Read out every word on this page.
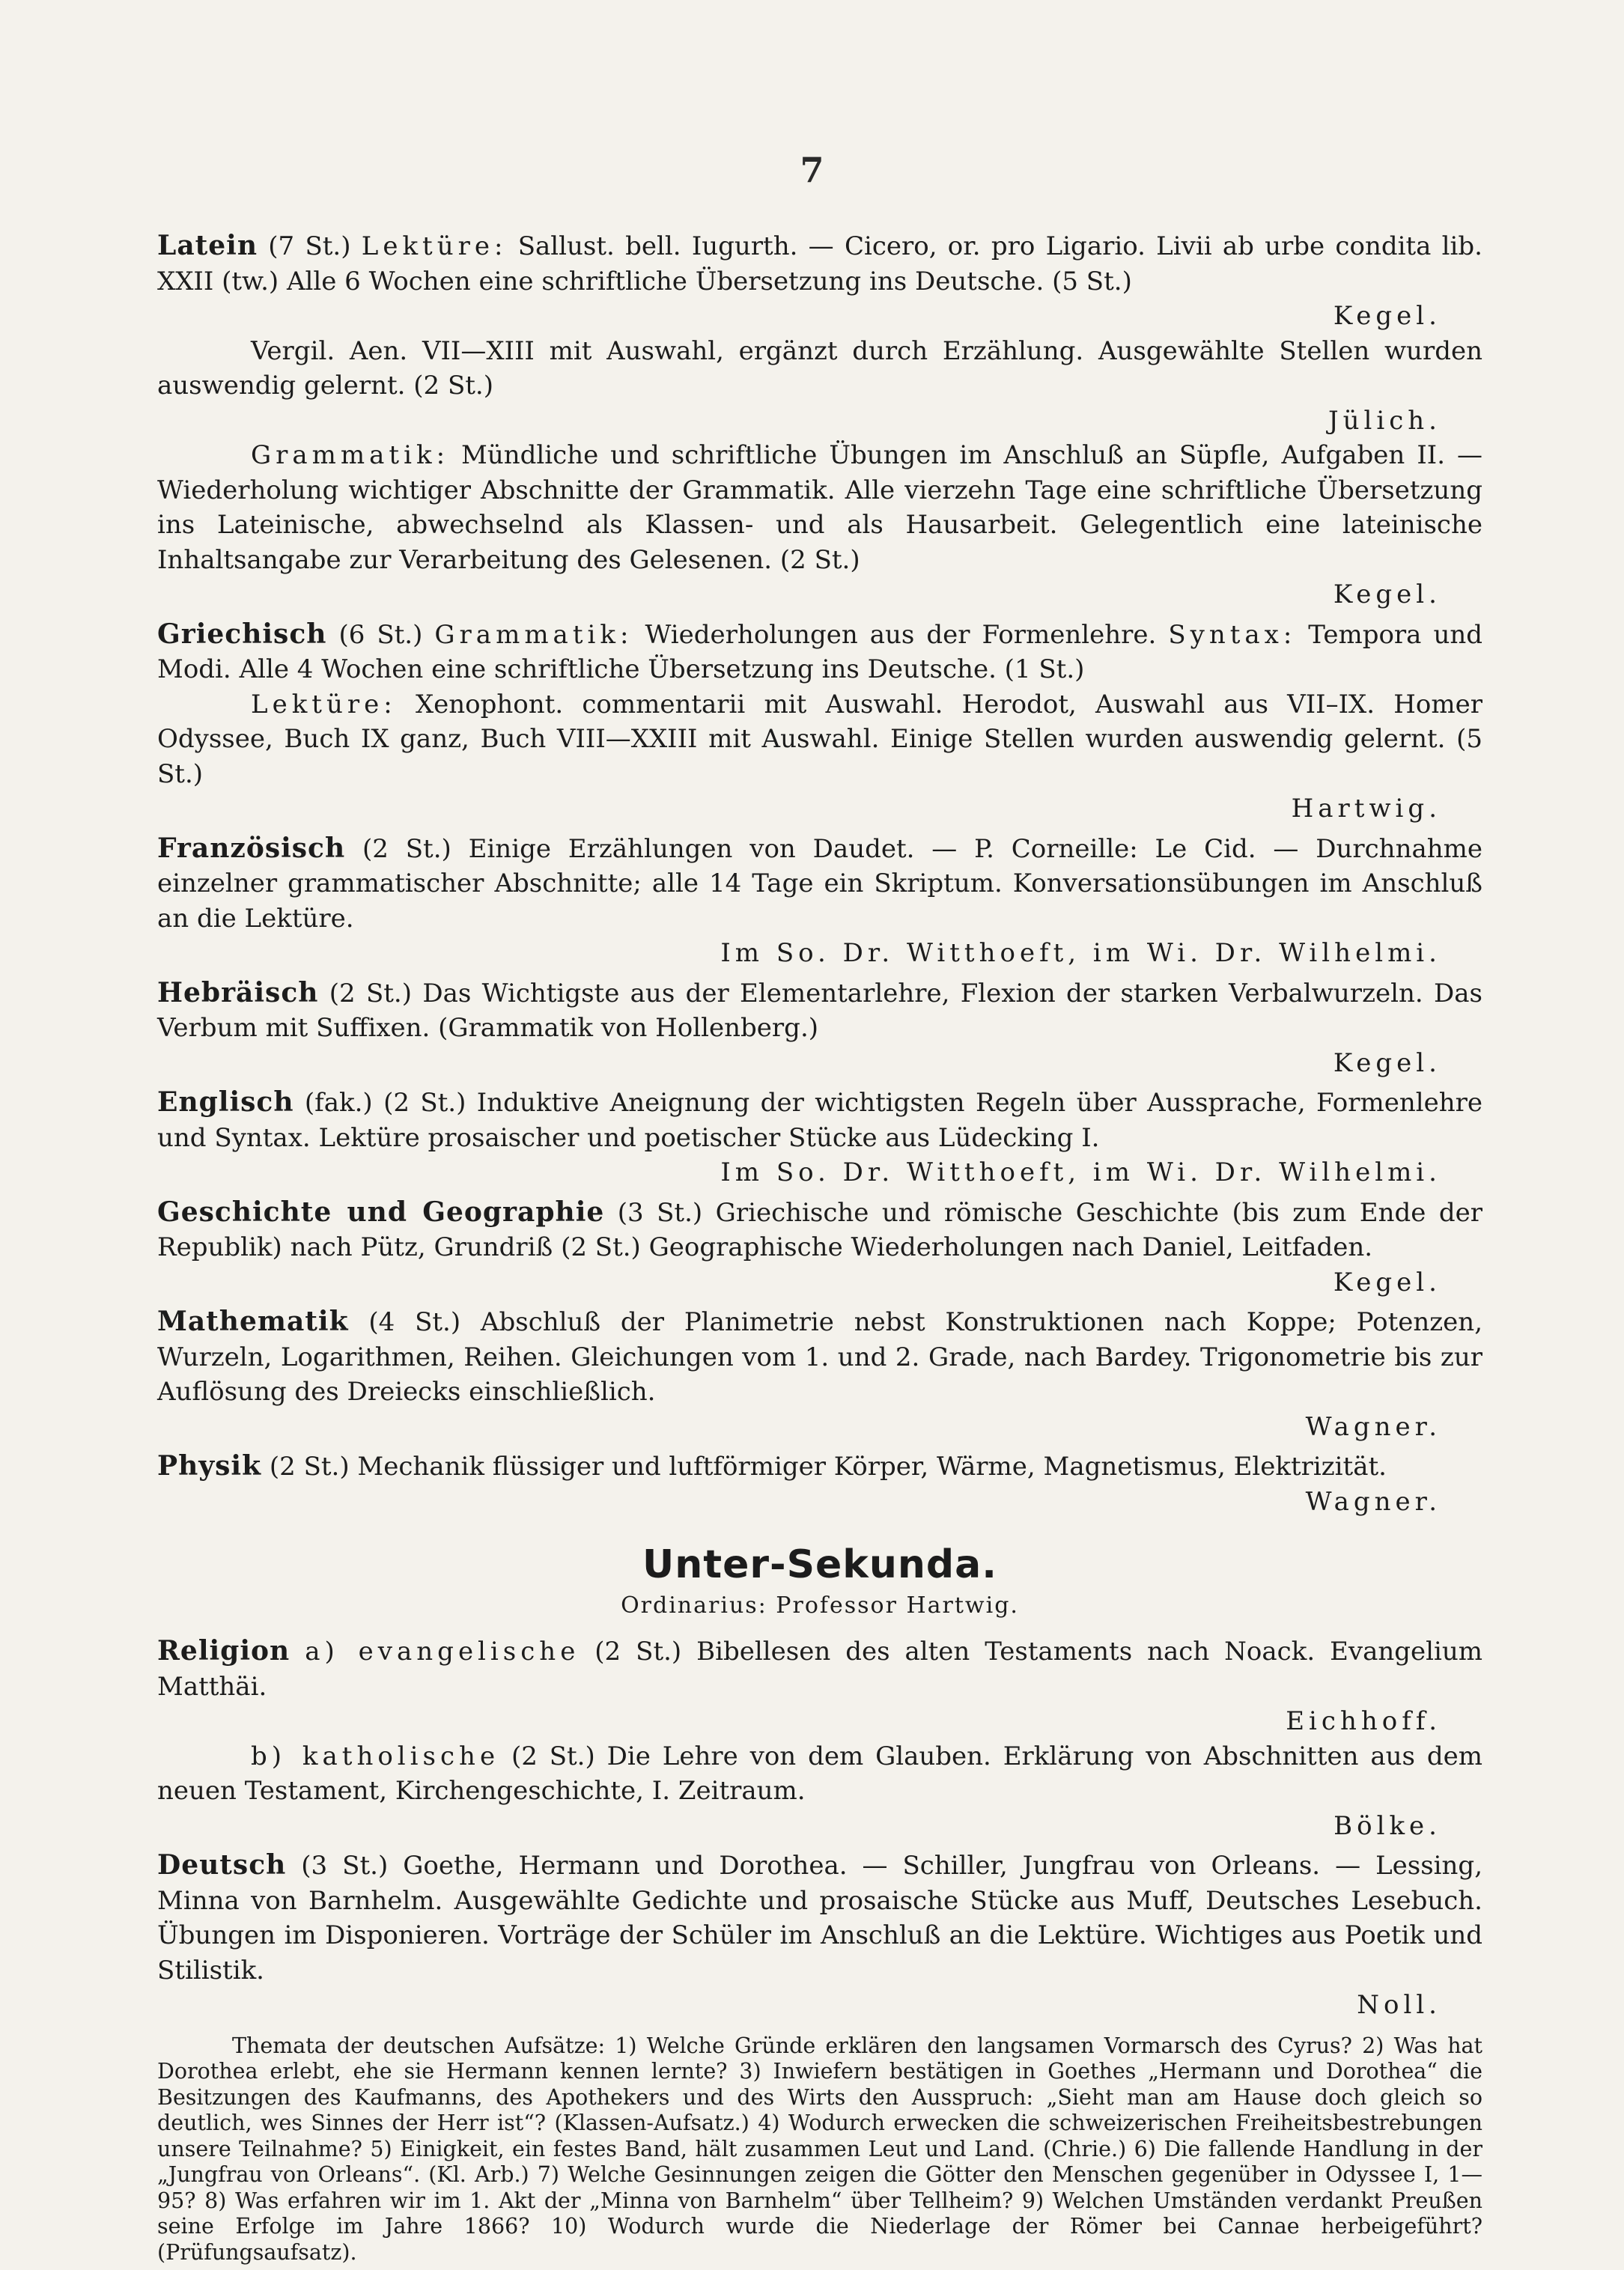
7

Latein (7 St.) Lektüre: Sallust. bell. Iugurth. — Cicero, or. pro Ligario. Livii ab urbe condita lib. XXII (tw.) Alle 6 Wochen eine schriftliche Übersetzung ins Deutsche. (5 St.)

Kegel.

Vergil. Aen. VII—XIII mit Auswahl, ergänzt durch Erzählung. Ausgewählte Stellen wurden auswendig gelernt. (2 St.)

Jülich.

Grammatik: Mündliche und schriftliche Übungen im Anschluß an Süpfle, Aufgaben II. — Wiederholung wichtiger Abschnitte der Grammatik. Alle vierzehn Tage eine schriftliche Übersetzung ins Lateinische, abwechselnd als Klassen- und als Hausarbeit. Gelegentlich eine lateinische Inhaltsangabe zur Verarbeitung des Gelesenen. (2 St.)

Kegel.

Griechisch (6 St.) Grammatik: Wiederholungen aus der Formenlehre. Syntax: Tempora und Modi. Alle 4 Wochen eine schriftliche Übersetzung ins Deutsche. (1 St.)

Lektüre: Xenophont. commentarii mit Auswahl. Herodot, Auswahl aus VII–IX. Homer Odyssee, Buch IX ganz, Buch VIII—XXIII mit Auswahl. Einige Stellen wurden auswendig gelernt. (5 St.)

Hartwig.

Französisch (2 St.) Einige Erzählungen von Daudet. — P. Corneille: Le Cid. — Durchnahme einzelner grammatischer Abschnitte; alle 14 Tage ein Skriptum. Konversationsübungen im Anschluß an die Lektüre.

Im So. Dr. Witthoeft, im Wi. Dr. Wilhelmi.

Hebräisch (2 St.) Das Wichtigste aus der Elementarlehre, Flexion der starken Verbalwurzeln. Das Verbum mit Suffixen. (Grammatik von Hollenberg.)

Kegel.

Englisch (fak.) (2 St.) Induktive Aneignung der wichtigsten Regeln über Aussprache, Formenlehre und Syntax. Lektüre prosaischer und poetischer Stücke aus Lüdecking I.

Im So. Dr. Witthoeft, im Wi. Dr. Wilhelmi.

Geschichte und Geographie (3 St.) Griechische und römische Geschichte (bis zum Ende der Republik) nach Pütz, Grundriß (2 St.) Geographische Wiederholungen nach Daniel, Leitfaden.

Kegel.

Mathematik (4 St.) Abschluß der Planimetrie nebst Konstruktionen nach Koppe; Potenzen, Wurzeln, Logarithmen, Reihen. Gleichungen vom 1. und 2. Grade, nach Bardey. Trigonometrie bis zur Auflösung des Dreiecks einschließlich.

Wagner.

Physik (2 St.) Mechanik flüssiger und luftförmiger Körper, Wärme, Magnetismus, Elektrizität.

Wagner.
Unter-Sekunda.
Ordinarius: Professor Hartwig.

Religion a) evangelische (2 St.) Bibellesen des alten Testaments nach Noack. Evangelium Matthäi.

Eichhoff.

b) katholische (2 St.) Die Lehre von dem Glauben. Erklärung von Abschnitten aus dem neuen Testament, Kirchengeschichte, I. Zeitraum.

Bölke.

Deutsch (3 St.) Goethe, Hermann und Dorothea. — Schiller, Jungfrau von Orleans. — Lessing, Minna von Barnhelm. Ausgewählte Gedichte und prosaische Stücke aus Muff, Deutsches Lesebuch. Übungen im Disponieren. Vorträge der Schüler im Anschluß an die Lektüre. Wichtiges aus Poetik und Stilistik.

Noll.

Themata der deutschen Aufsätze: 1) Welche Gründe erklären den langsamen Vormarsch des Cyrus? 2) Was hat Dorothea erlebt, ehe sie Hermann kennen lernte? 3) Inwiefern bestätigen in Goethes „Hermann und Dorothea“ die Besitzungen des Kaufmanns, des Apothekers und des Wirts den Ausspruch: „Sieht man am Hause doch gleich so deutlich, wes Sinnes der Herr ist“? (Klassen-Aufsatz.) 4) Wodurch erwecken die schweizerischen Freiheitsbestrebungen unsere Teilnahme? 5) Einigkeit, ein festes Band, hält zusammen Leut und Land. (Chrie.) 6) Die fallende Handlung in der „Jungfrau von Orleans“. (Kl. Arb.) 7) Welche Gesinnungen zeigen die Götter den Menschen gegenüber in Odyssee I, 1—95? 8) Was erfahren wir im 1. Akt der „Minna von Barnhelm“ über Tellheim? 9) Welchen Umständen verdankt Preußen seine Erfolge im Jahre 1866? 10) Wodurch wurde die Niederlage der Römer bei Cannae herbeigeführt? (Prüfungsaufsatz).
